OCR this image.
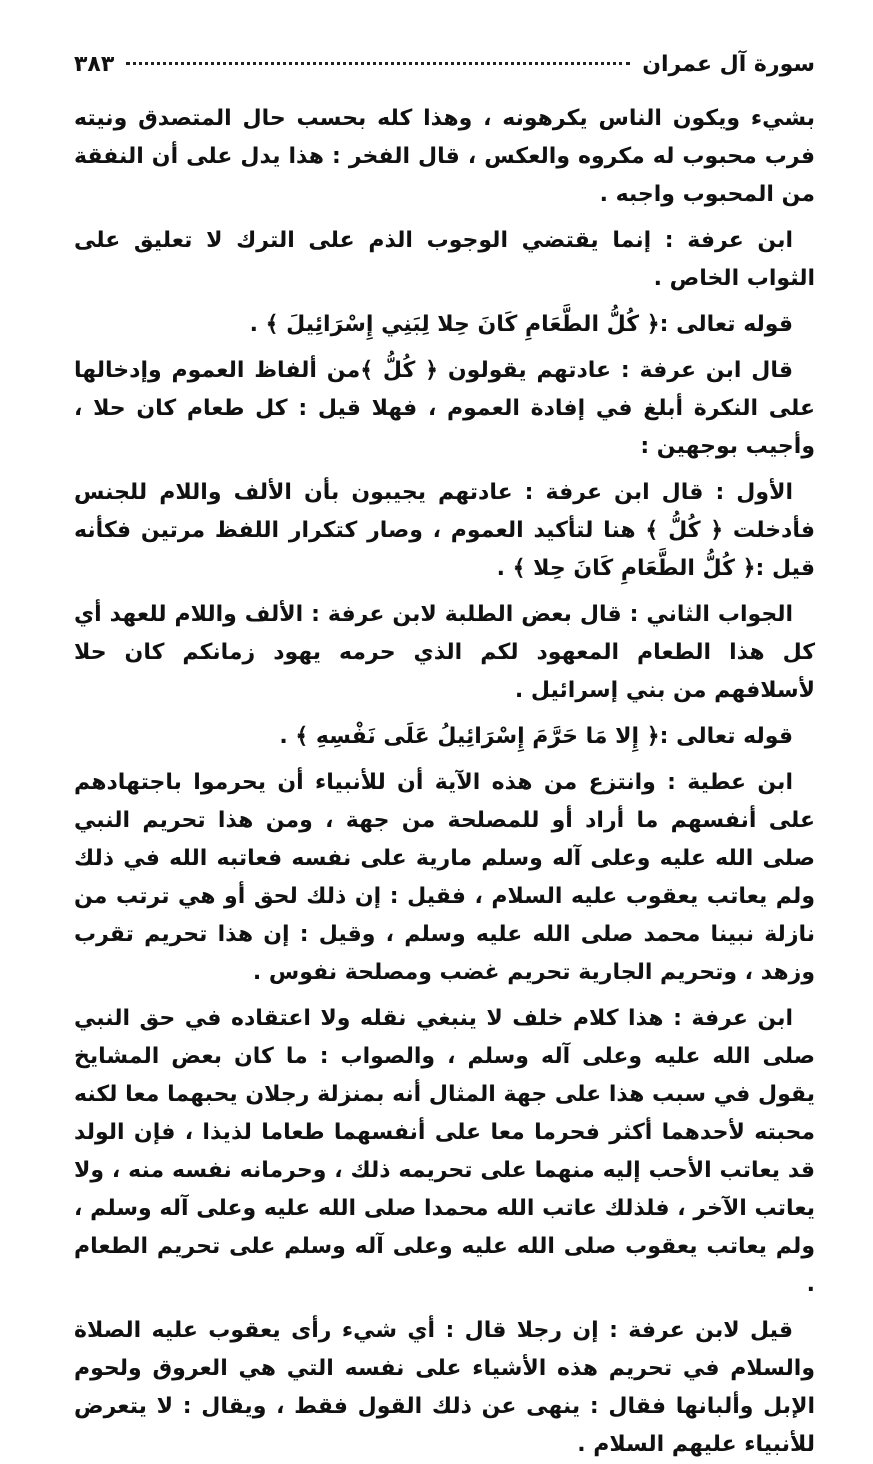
سورة آل عمران
٣٨٣

بشيء ويكون الناس يكرهونه ، وهذا كله بحسب حال المتصدق ونيته فرب محبوب له مكروه والعكس ، قال الفخر : هذا يدل على أن النفقة من المحبوب واجبه .

ابن عرفة : إنما يقتضي الوجوب الذم على الترك لا تعليق على الثواب الخاص .

قوله تعالى :﴿ كُلُّ الطَّعَامِ كَانَ حِلا لِبَنِي إِسْرَائِيلَ ﴾ .

قال ابن عرفة : عادتهم يقولون ﴿ كُلُّ ﴾من ألفاظ العموم وإدخالها على النكرة أبلغ في إفادة العموم ، فهلا قيل : كل طعام كان حلا ، وأجيب بوجهين :

الأول : قال ابن عرفة : عادتهم يجيبون بأن الألف واللام للجنس فأدخلت ﴿ كُلُّ ﴾ هنا لتأكيد العموم ، وصار كتكرار اللفظ مرتين فكأنه قيل :﴿ كُلُّ الطَّعَامِ كَانَ حِلا ﴾ .

الجواب الثاني : قال بعض الطلبة لابن عرفة : الألف واللام للعهد أي كل هذا الطعام المعهود لكم الذي حرمه يهود زمانكم كان حلا لأسلافهم من بني إسرائيل .

قوله تعالى :﴿ إِلا مَا حَرَّمَ إِسْرَائِيلُ عَلَى نَفْسِهِ ﴾ .

ابن عطية : وانتزع من هذه الآية أن للأنبياء أن يحرموا باجتهادهم على أنفسهم ما أراد أو للمصلحة من جهة ، ومن هذا تحريم النبي صلى الله عليه وعلى آله وسلم مارية على نفسه فعاتبه الله في ذلك ولم يعاتب يعقوب عليه السلام ، فقيل : إن ذلك لحق أو هي ترتب من نازلة نبينا محمد صلى الله عليه وسلم ، وقيل : إن هذا تحريم تقرب وزهد ، وتحريم الجارية تحريم غضب ومصلحة نفوس .

ابن عرفة : هذا كلام خلف لا ينبغي نقله ولا اعتقاده في حق النبي صلى الله عليه وعلى آله وسلم ، والصواب : ما كان بعض المشايخ يقول في سبب هذا على جهة المثال أنه بمنزلة رجلان يحبهما معا لكنه محبته لأحدهما أكثر فحرما معا على أنفسهما طعاما لذيذا ، فإن الولد قد يعاتب الأحب إليه منهما على تحريمه ذلك ، وحرمانه نفسه منه ، ولا يعاتب الآخر ، فلذلك عاتب الله محمدا صلى الله عليه وعلى آله وسلم ، ولم يعاتب يعقوب صلى الله عليه وعلى آله وسلم على تحريم الطعام .

قيل لابن عرفة : إن رجلا قال : أي شيء رأى يعقوب عليه الصلاة والسلام في تحريم هذه الأشياء على نفسه التي هي العروق ولحوم الإبل وألبانها فقال : ينهى عن ذلك القول فقط ، ويقال : لا يتعرض للأنبياء عليهم السلام .
